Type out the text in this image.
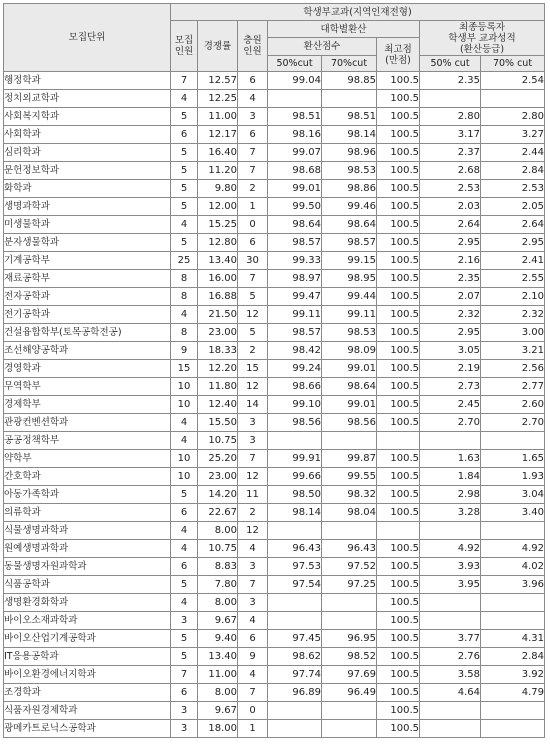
모집단위	학생부교과(지역인재전형)							
	모집 인원	경쟁률	충원 인원	대학별환산			최종등록자
학생부 교과성적
(환산등급)	

				환산점수		최고점 (만점)		
				50%cut	70%cut		50% cut	70% cut
행정학과	7	12.57	6	99.04	98.85	100.5	2.35	2.54
정치외교학과	4	12.25	4			100.5		
사회복지학과	5	11.00	3	98.51	98.51	100.5	2.80	2.80
사회학과	6	12.17	6	98.16	98.14	100.5	3.17	3.27
심리학과	5	16.40	7	99.07	98.96	100.5	2.37	2.44
문헌정보학과	5	11.20	7	98.68	98.53	100.5	2.68	2.84
화학과	5	9.80	2	99.01	98.86	100.5	2.53	2.53
생명과학과	5	12.00	1	99.50	99.46	100.5	2.03	2.05
미생물학과	4	15.25	0	98.64	98.64	100.5	2.64	2.64
분자생물학과	5	12.80	6	98.57	98.57	100.5	2.95	2.95
기계공학부	25	13.40	30	99.33	99.15	100.5	2.16	2.41
재료공학부	8	16.00	7	98.97	98.95	100.5	2.35	2.55
전자공학과	8	16.88	5	99.47	99.44	100.5	2.07	2.10
전기공학과	4	21.50	12	99.11	99.11	100.5	2.32	2.32
건설융합학부(토목공학전공)	8	23.00	5	98.57	98.53	100.5	2.95	3.00
조선해양공학과	9	18.33	2	98.42	98.09	100.5	3.05	3.21
경영학과	15	12.20	15	99.24	99.01	100.5	2.19	2.56
무역학부	10	11.80	12	98.66	98.64	100.5	2.73	2.77
경제학부	10	12.40	14	99.10	99.01	100.5	2.45	2.60
관광컨벤션학과	4	15.50	3	98.56	98.56	100.5	2.70	2.70
공공정책학부	4	10.75	3					
약학부	10	25.20	7	99.91	99.87	100.5	1.63	1.65
간호학과	10	23.00	12	99.66	99.55	100.5	1.84	1.93
아동가족학과	5	14.20	11	98.50	98.32	100.5	2.98	3.04
의류학과	6	22.67	2	98.14	98.04	100.5	3.28	3.40
식물생명과학과	4	8.00	12					
원예생명과학과	4	10.75	4	96.43	96.43	100.5	4.92	4.92
동물생명자원과학과	6	8.83	3	97.53	97.52	100.5	3.93	4.02
식품공학과	5	7.80	7	97.54	97.25	100.5	3.95	3.96
생명환경화학과	4	8.00	3			100.5		
바이오소재과학과	3	9.67	4			100.5		
바이오산업기계공학과	5	9.40	6	97.45	96.95	100.5	3.77	4.31
IT응용공학과	5	13.40	9	98.62	98.52	100.5	2.76	2.84
바이오환경에너지학과	7	11.00	4	97.74	97.69	100.5	3.58	3.92
조경학과	6	8.00	7	96.89	96.49	100.5	4.64	4.79
식품자원경제학과	3	9.67	0			100.5		
광메카트로닉스공학과	3	18.00	1			100.5		
